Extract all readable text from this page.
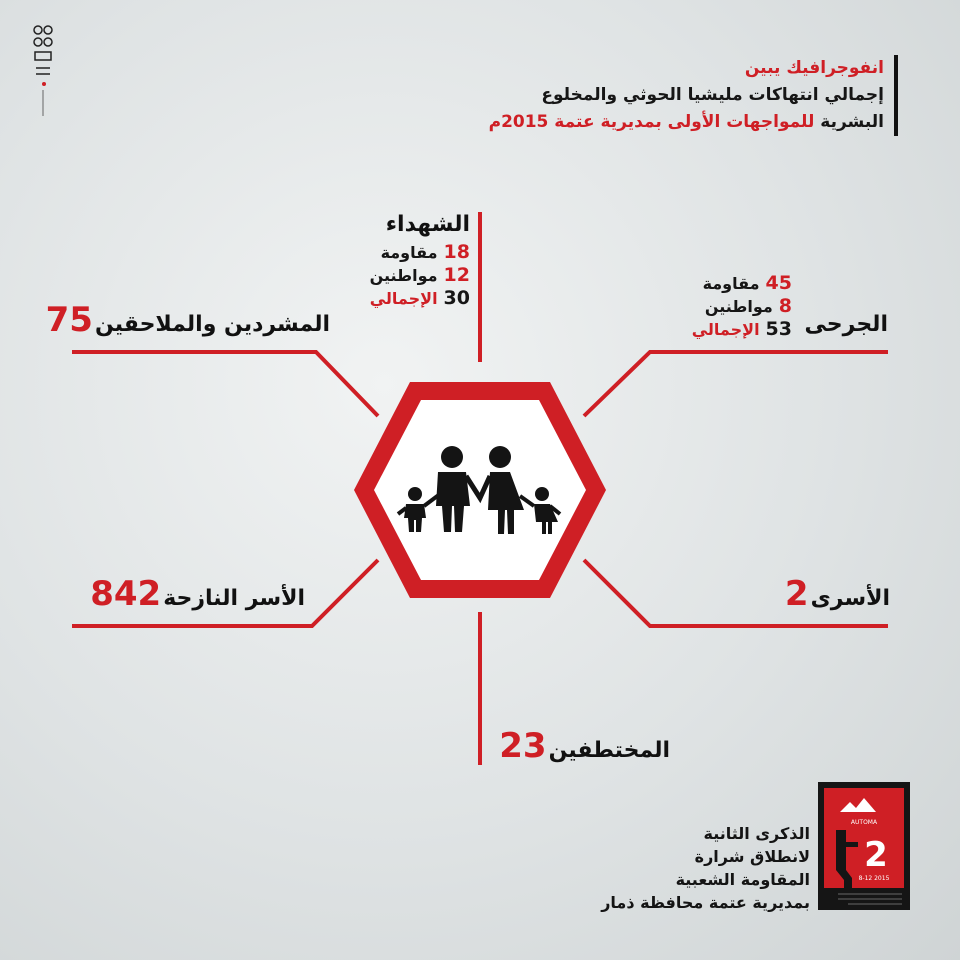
انفوجرافيك يبين
إجمالي انتهاكات مليشيا الحوثي والمخلوع
البشرية للمواجهات الأولى بمديرية عتمة 2015م
الشهداء
18مقاومة
12مواطنين
30الإجمالي
45مقاومة
8مواطنين
53الإجمالي	الجرحى
75 المشردين والملاحقين
842 الأسر النازحة	2 الأسرى
23 المختطفين
AUTOMA
2
8-12 2015
الذكرى الثانية
لانطلاق شرارة
المقاومة الشعبية
بمديرية عتمة محافظة ذمار
